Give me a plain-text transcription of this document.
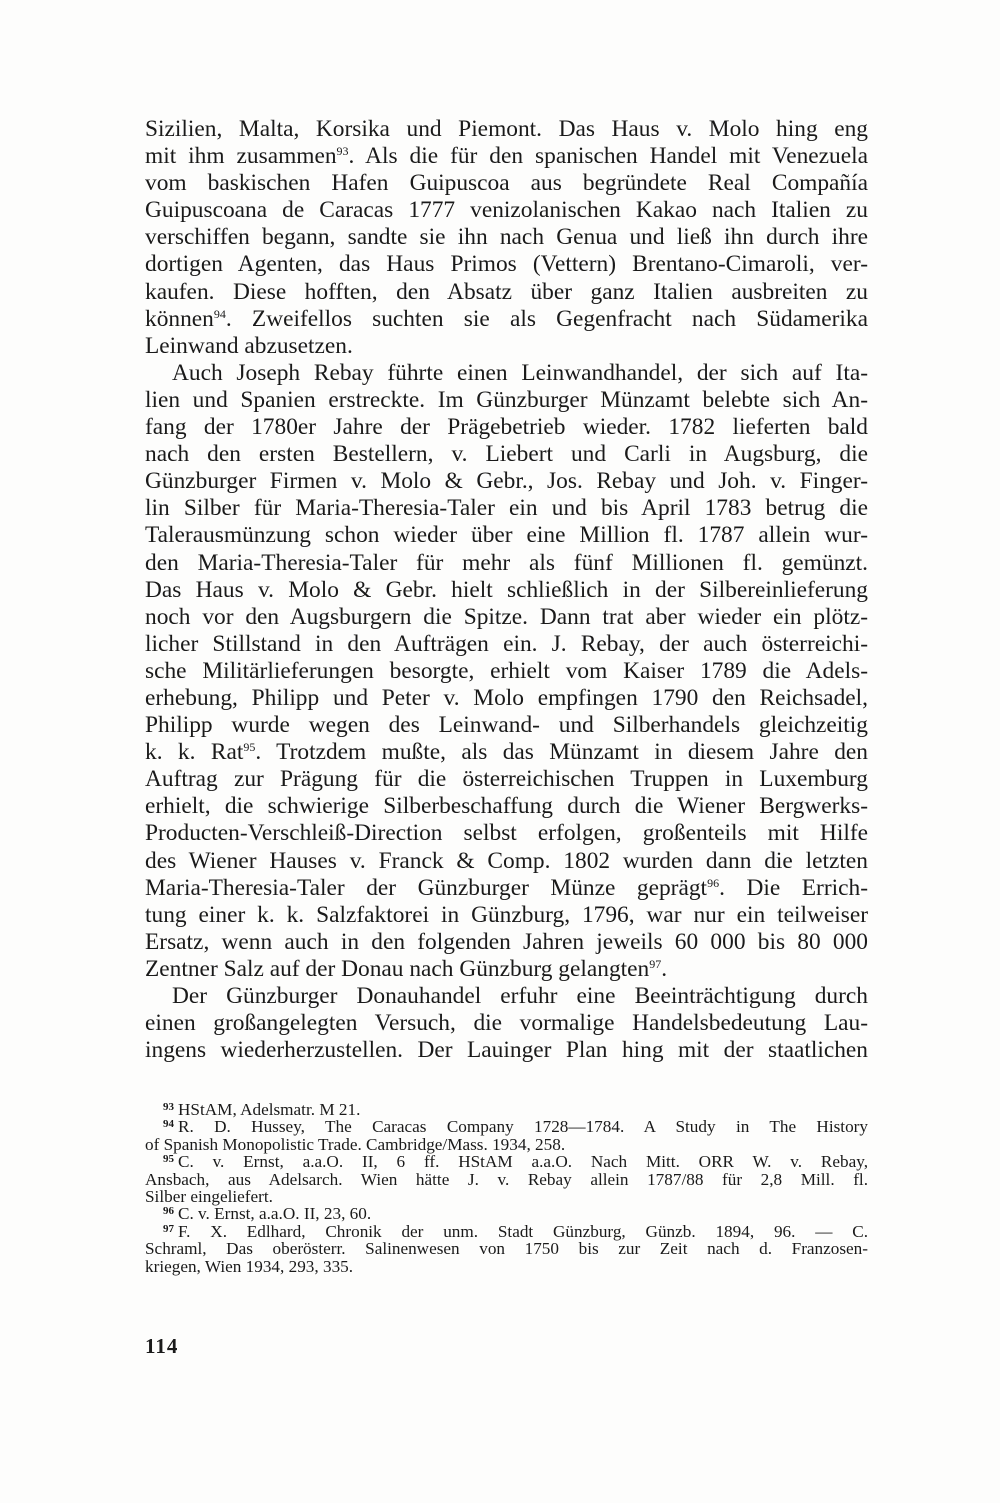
Sizilien, Malta, Korsika und Piemont. Das Haus v. Molo hing eng
mit ihm zusammen$^{93}$. Als die für den spanischen Handel mit Venezuela
vom baskischen Hafen Guipuscoa aus begründete Real Compañía
Guipuscoana de Caracas 1777 venizolanischen Kakao nach Italien zu
verschiffen begann, sandte sie ihn nach Genua und ließ ihn durch ihre
dortigen Agenten, das Haus Primos (Vettern) Brentano-Cimaroli, ver-
kaufen. Diese hofften, den Absatz über ganz Italien ausbreiten zu
können$^{94}$. Zweifellos suchten sie als Gegenfracht nach Südamerika
Leinwand abzusetzen.
Auch Joseph Rebay führte einen Leinwandhandel, der sich auf Ita-
lien und Spanien erstreckte. Im Günzburger Münzamt belebte sich An-
fang der 1780er Jahre der Prägebetrieb wieder. 1782 lieferten bald
nach den ersten Bestellern, v. Liebert und Carli in Augsburg, die
Günzburger Firmen v. Molo & Gebr., Jos. Rebay und Joh. v. Finger-
lin Silber für Maria-Theresia-Taler ein und bis April 1783 betrug die
Talerausmünzung schon wieder über eine Million fl. 1787 allein wur-
den Maria-Theresia-Taler für mehr als fünf Millionen fl. gemünzt.
Das Haus v. Molo & Gebr. hielt schließlich in der Silbereinlieferung
noch vor den Augsburgern die Spitze. Dann trat aber wieder ein plötz-
licher Stillstand in den Aufträgen ein. J. Rebay, der auch österreichi-
sche Militärlieferungen besorgte, erhielt vom Kaiser 1789 die Adels-
erhebung, Philipp und Peter v. Molo empfingen 1790 den Reichsadel,
Philipp wurde wegen des Leinwand- und Silberhandels gleichzeitig
k. k. Rat$^{95}$. Trotzdem mußte, als das Münzamt in diesem Jahre den
Auftrag zur Prägung für die österreichischen Truppen in Luxemburg
erhielt, die schwierige Silberbeschaffung durch die Wiener Bergwerks-
Producten-Verschleiß-Direction selbst erfolgen, großenteils mit Hilfe
des Wiener Hauses v. Franck & Comp. 1802 wurden dann die letzten
Maria-Theresia-Taler der Günzburger Münze geprägt$^{96}$. Die Errich-
tung einer k. k. Salzfaktorei in Günzburg, 1796, war nur ein teilweiser
Ersatz, wenn auch in den folgenden Jahren jeweils 60 000 bis 80 000
Zentner Salz auf der Donau nach Günzburg gelangten$^{97}$.
Der Günzburger Donauhandel erfuhr eine Beeinträchtigung durch
einen großangelegten Versuch, die vormalige Handelsbedeutung Lau-
ingens wiederherzustellen. Der Lauinger Plan hing mit der staatlichen
$^{93}$ HStAM, Adelsmatr. M 21.
$^{94}$ R. D. Hussey, The Caracas Company 1728—1784. A Study in The History
of Spanish Monopolistic Trade. Cambridge/Mass. 1934, 258.
$^{95}$ C. v. Ernst, a.a.O. II, 6 ff. HStAM a.a.O. Nach Mitt. ORR W. v. Rebay,
Ansbach, aus Adelsarch. Wien hätte J. v. Rebay allein 1787/88 für 2,8 Mill. fl.
Silber eingeliefert.
$^{96}$ C. v. Ernst, a.a.O. II, 23, 60.
$^{97}$ F. X. Edlhard, Chronik der unm. Stadt Günzburg, Günzb. 1894, 96. — C.
Schraml, Das oberösterr. Salinenwesen von 1750 bis zur Zeit nach d. Franzosen-
kriegen, Wien 1934, 293, 335.
114
